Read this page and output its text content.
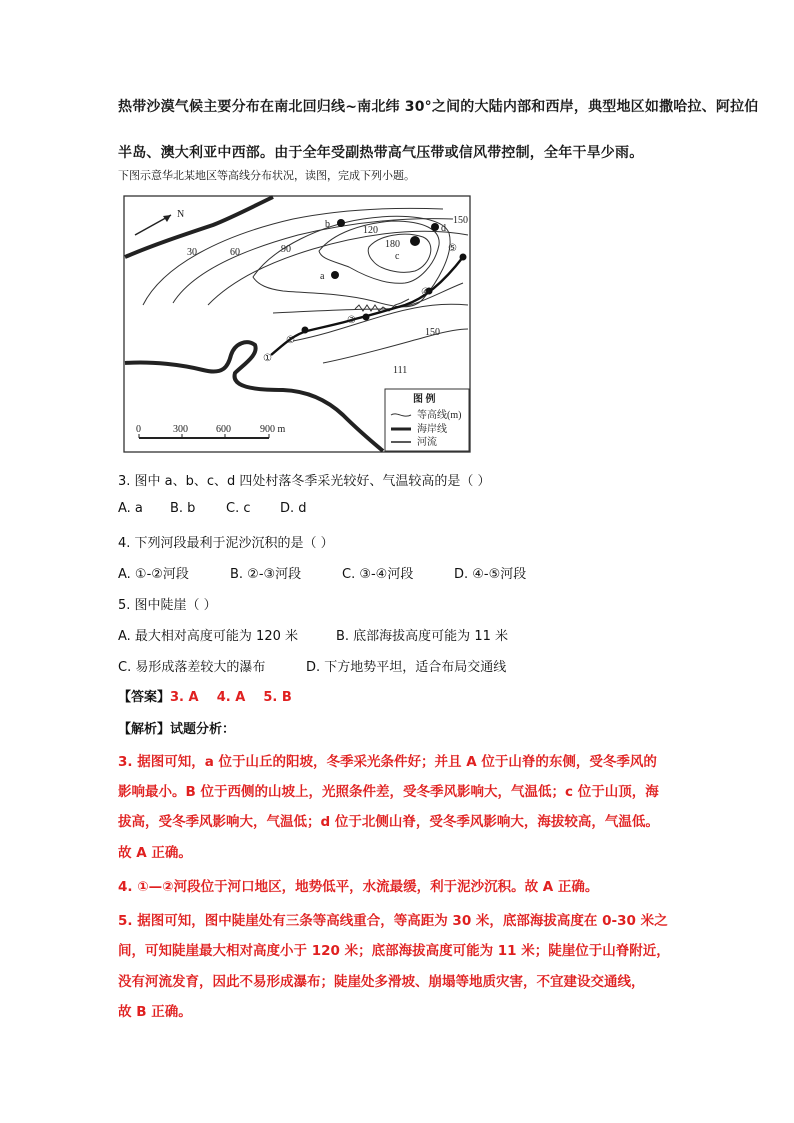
热带沙漠气候主要分布在南北回归线~南北纬 30°之间的大陆内部和西岸，典型地区如撒哈拉、阿拉伯
半岛、澳大利亚中西部。由于全年受副热带高气压带或信风带控制，全年干旱少雨。
下图示意华北某地区等高线分布状况，读图，完成下列小题。
N
30	60	90
120
150
180
150
111
a
b
c
d
①
②
③
④
⑤
0	300	600	900 m
图 例
等高线(m)
海岸线
河流
3. 图中 a、b、c、d 四处村落冬季采光较好、气温较高的是（ ）
A. a B. b C. c D. d
4. 下列河段最利于泥沙沉积的是（ ）
A. ①-②河段	B. ②-③河段	C. ③-④河段	D. ④-⑤河段
5. 图中陡崖（ ）
A. 最大相对高度可能为 120 米	B. 底部海拔高度可能为 11 米
C. 易形成落差较大的瀑布	D. 下方地势平坦，适合布局交通线
【答案】3. A    4. A    5. B
【解析】试题分析：
3. 据图可知，a 位于山丘的阳坡，冬季采光条件好；并且 A 位于山脊的东侧，受冬季风的
影响最小。B 位于西侧的山坡上，光照条件差，受冬季风影响大，气温低；c 位于山顶，海
拔高，受冬季风影响大，气温低；d 位于北侧山脊，受冬季风影响大，海拔较高，气温低。
故 A 正确。
4. ①—②河段位于河口地区，地势低平，水流最缓，利于泥沙沉积。故 A 正确。
5. 据图可知，图中陡崖处有三条等高线重合，等高距为 30 米，底部海拔高度在 0-30 米之
间，可知陡崖最大相对高度小于 120 米；底部海拔高度可能为 11 米；陡崖位于山脊附近，
没有河流发育，因此不易形成瀑布；陡崖处多滑坡、崩塌等地质灾害，不宜建设交通线，
故 B 正确。
